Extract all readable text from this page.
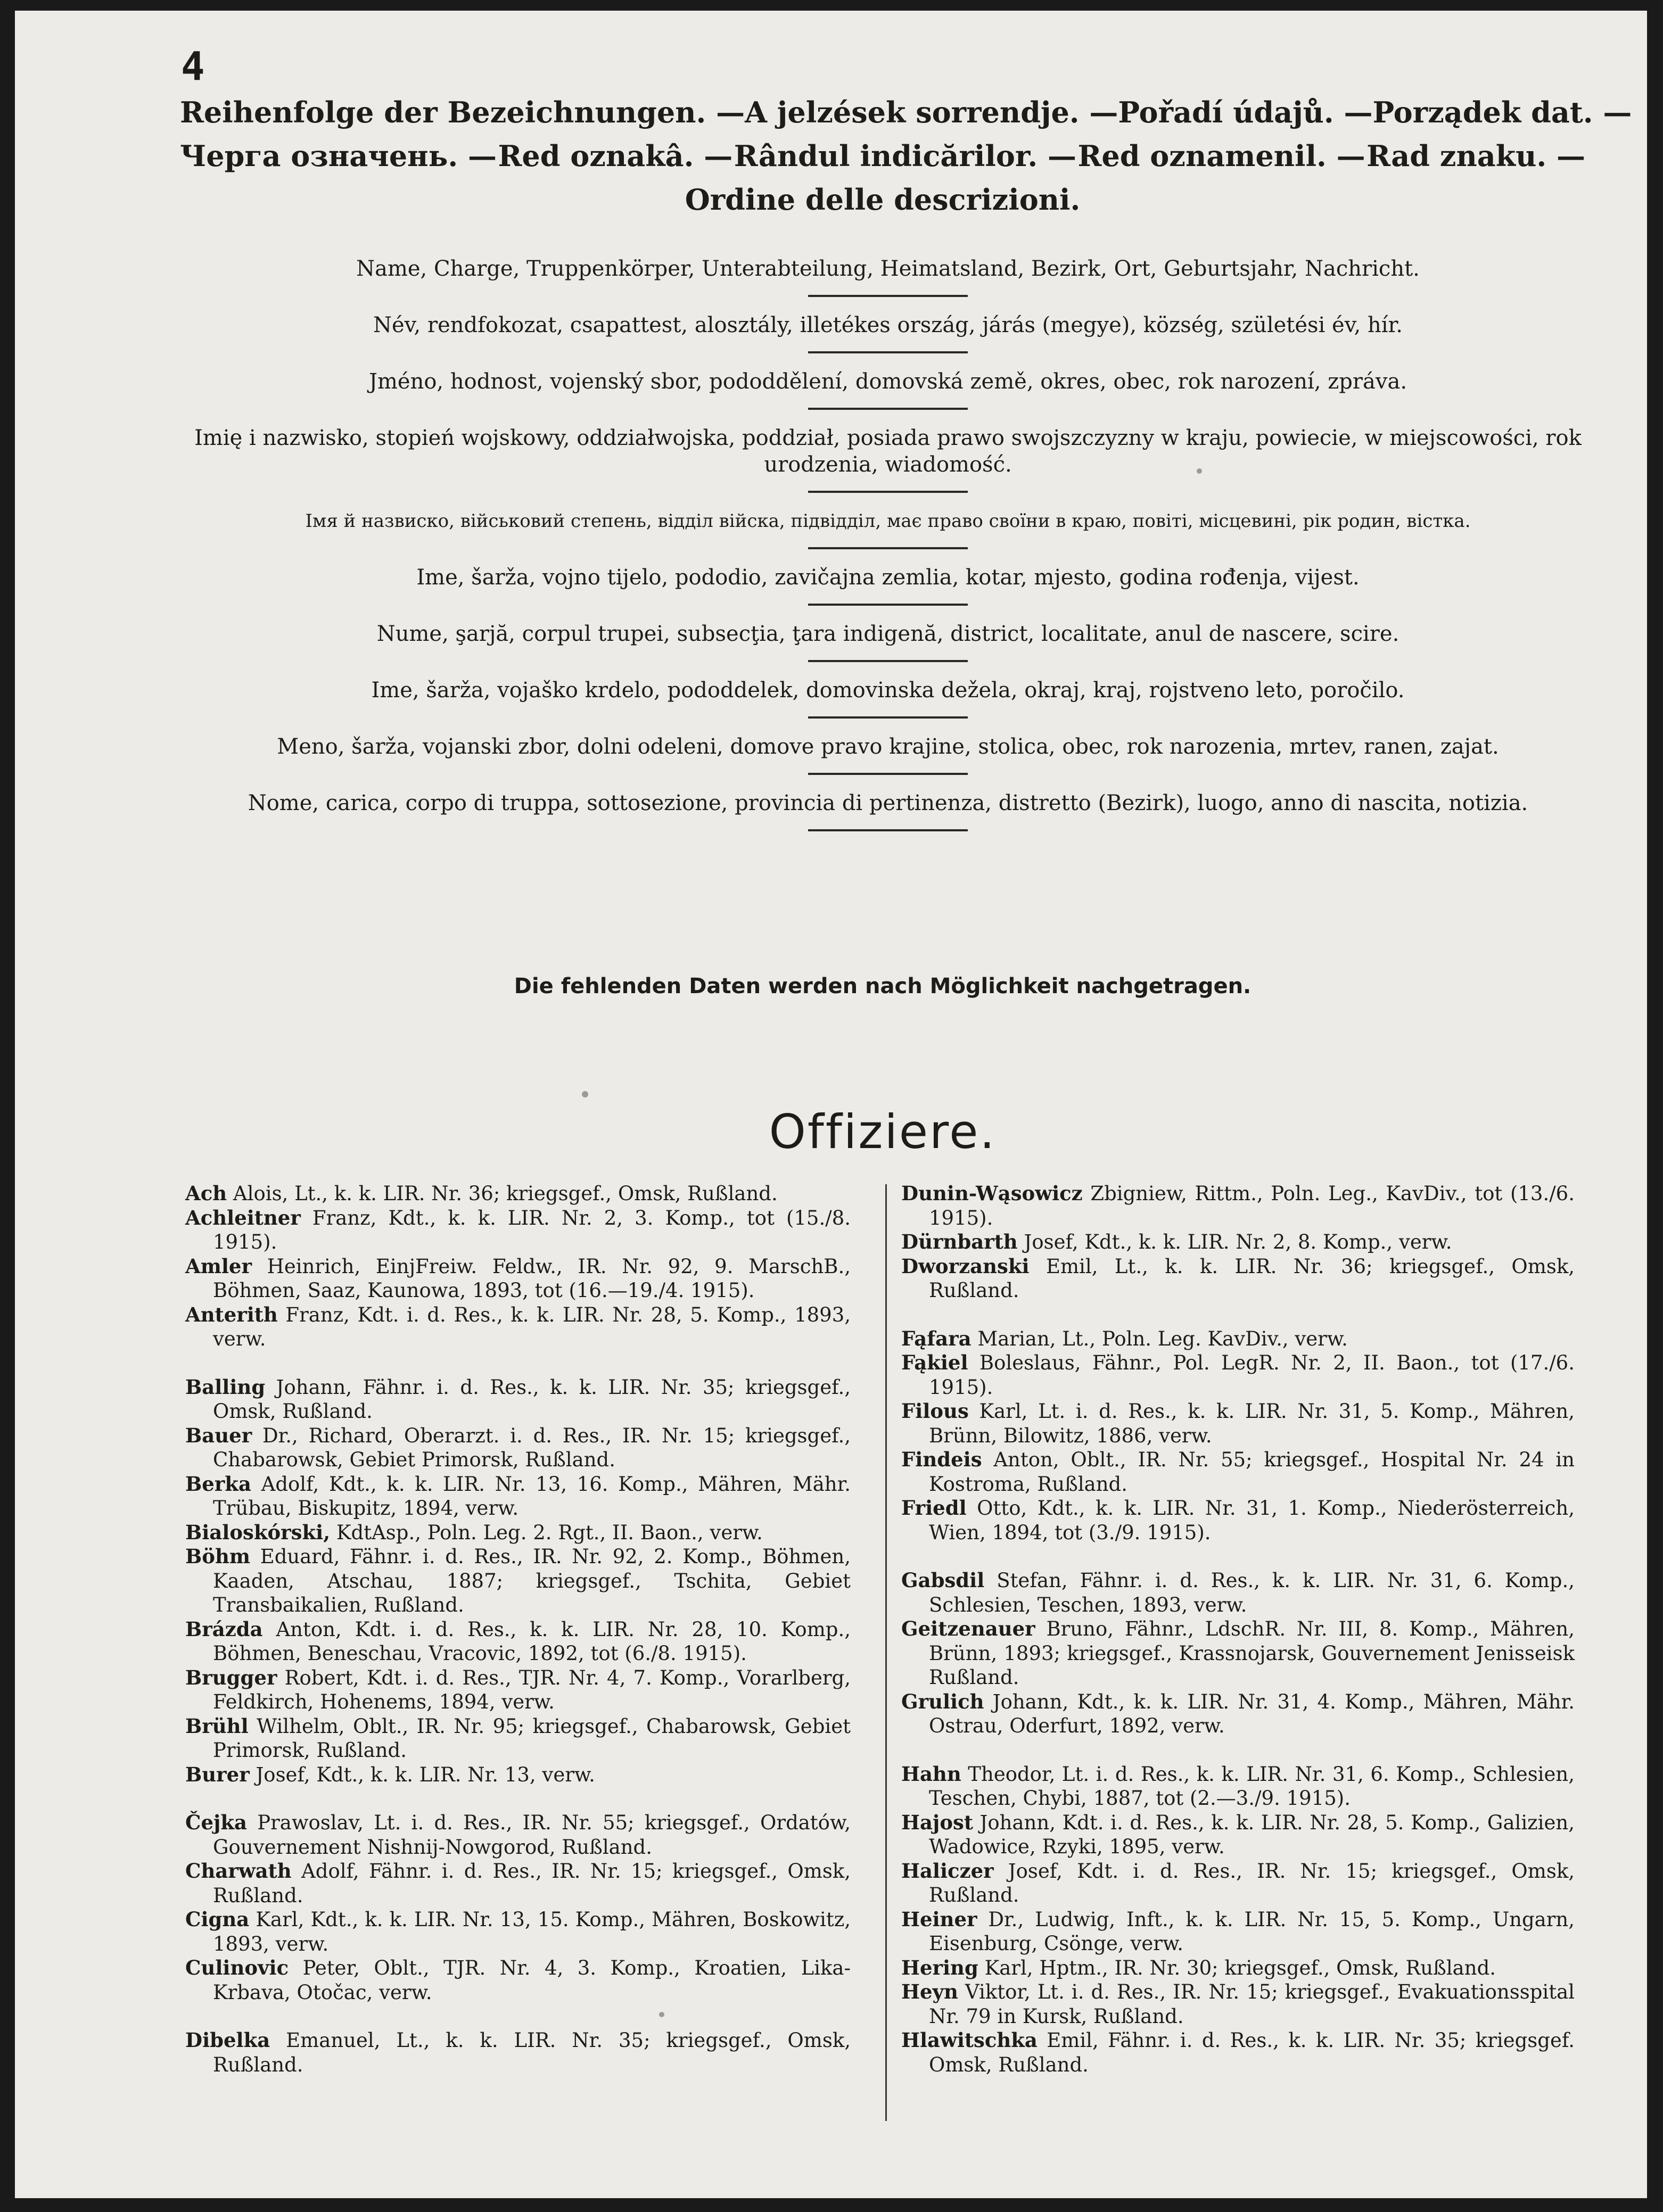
4
Reihenfolge der Bezeichnungen. — A jelzések sorrendje. — Pořadí údajů. — Porządek dat. —
Черга означень. — Red oznakâ. — Rândul indicărilor. — Red oznamenil. — Rad znaku. —
Ordine delle descrizioni.

Name, Charge, Truppenkörper, Unterabteilung, Heimatsland, Bezirk, Ort, Geburtsjahr, Nachricht.

Név, rendfokozat, csapattest, alosztály, illetékes ország, járás (megye), község, születési év, hír.

Jméno, hodnost, vojenský sbor, pododdělení, domovská země, okres, obec, rok narození, zpráva.

Imię i nazwisko, stopień wojskowy, oddziałwojska, poddział, posiada prawo swojszczyzny w kraju, powiecie, w miejscowości, rok urodzenia, wiadomość.

Імя й назвиско, військовий степень, відділ війска, підвідділ, має право своїни в краю, повіті, місцевині, рік родин, вістка.

Ime, šarža, vojno tijelo, pododio, zavičajna zemlia, kotar, mjesto, godina rođenja, vijest.

Nume, şarjă, corpul trupei, subsecţia, ţara indigenă, district, localitate, anul de nascere, scire.

Ime, šarža, vojaško krdelo, pododdelek, domovinska dežela, okraj, kraj, rojstveno leto, poročilo.

Meno, šarža, vojanski zbor, dolni odeleni, domove pravo krajine, stolica, obec, rok narozenia, mrtev, ranen, zajat.

Nome, carica, corpo di truppa, sottosezione, provincia di pertinenza, distretto (Bezirk), luogo, anno di nascita, notizia.

Die fehlenden Daten werden nach Möglichkeit nachgetragen.
Offiziere.
Ach Alois, Lt., k. k. LIR. Nr. 36; kriegsgef., Omsk, Rußland.
Achleitner Franz, Kdt., k. k. LIR. Nr. 2, 3. Komp., tot (15./8. 1915).
Amler Heinrich, EinjFreiw. Feldw., IR. Nr. 92, 9. MarschB., Böhmen, Saaz, Kaunowa, 1893, tot (16.—19./4. 1915).
Anterith Franz, Kdt. i. d. Res., k. k. LIR. Nr. 28, 5. Komp., 1893, verw.
Balling Johann, Fähnr. i. d. Res., k. k. LIR. Nr. 35; kriegsgef., Omsk, Rußland.
Bauer Dr., Richard, Oberarzt. i. d. Res., IR. Nr. 15; kriegsgef., Chabarowsk, Gebiet Primorsk, Rußland.
Berka Adolf, Kdt., k. k. LIR. Nr. 13, 16. Komp., Mähren, Mähr. Trübau, Biskupitz, 1894, verw.
Bialoskórski, KdtAsp., Poln. Leg. 2. Rgt., II. Baon., verw.
Böhm Eduard, Fähnr. i. d. Res., IR. Nr. 92, 2. Komp., Böhmen, Kaaden, Atschau, 1887; kriegsgef., Tschita, Gebiet Transbaikalien, Rußland.
Brázda Anton, Kdt. i. d. Res., k. k. LIR. Nr. 28, 10. Komp., Böhmen, Beneschau, Vracovic, 1892, tot (6./8. 1915).
Brugger Robert, Kdt. i. d. Res., TJR. Nr. 4, 7. Komp., Vorarlberg, Feldkirch, Hohenems, 1894, verw.
Brühl Wilhelm, Oblt., IR. Nr. 95; kriegsgef., Chabarowsk, Gebiet Primorsk, Rußland.
Burer Josef, Kdt., k. k. LIR. Nr. 13, verw.
Čejka Prawoslav, Lt. i. d. Res., IR. Nr. 55; kriegsgef., Ordatów, Gouvernement Nishnij-Nowgorod, Rußland.
Charwath Adolf, Fähnr. i. d. Res., IR. Nr. 15; kriegsgef., Omsk, Rußland.
Cigna Karl, Kdt., k. k. LIR. Nr. 13, 15. Komp., Mähren, Boskowitz, 1893, verw.
Culinovic Peter, Oblt., TJR. Nr. 4, 3. Komp., Kroatien, Lika-Krbava, Otočac, verw.
Dibelka Emanuel, Lt., k. k. LIR. Nr. 35; kriegsgef., Omsk, Rußland.
Dunin-Wąsowicz Zbigniew, Rittm., Poln. Leg., KavDiv., tot (13./6. 1915).
Dürnbarth Josef, Kdt., k. k. LIR. Nr. 2, 8. Komp., verw.
Dworzanski Emil, Lt., k. k. LIR. Nr. 36; kriegsgef., Omsk, Rußland.
Fąfara Marian, Lt., Poln. Leg. KavDiv., verw.
Fąkiel Boleslaus, Fähnr., Pol. LegR. Nr. 2, II. Baon., tot (17./6. 1915).
Filous Karl, Lt. i. d. Res., k. k. LIR. Nr. 31, 5. Komp., Mähren, Brünn, Bilowitz, 1886, verw.
Findeis Anton, Oblt., IR. Nr. 55; kriegsgef., Hospital Nr. 24 in Kostroma, Rußland.
Friedl Otto, Kdt., k. k. LIR. Nr. 31, 1. Komp., Niederösterreich, Wien, 1894, tot (3./9. 1915).
Gabsdil Stefan, Fähnr. i. d. Res., k. k. LIR. Nr. 31, 6. Komp., Schlesien, Teschen, 1893, verw.
Geitzenauer Bruno, Fähnr., LdschR. Nr. III, 8. Komp., Mähren, Brünn, 1893; kriegsgef., Krassnojarsk, Gouvernement Jenisseisk Rußland.
Grulich Johann, Kdt., k. k. LIR. Nr. 31, 4. Komp., Mähren, Mähr. Ostrau, Oderfurt, 1892, verw.
Hahn Theodor, Lt. i. d. Res., k. k. LIR. Nr. 31, 6. Komp., Schlesien, Teschen, Chybi, 1887, tot (2.—3./9. 1915).
Hajost Johann, Kdt. i. d. Res., k. k. LIR. Nr. 28, 5. Komp., Galizien, Wadowice, Rzyki, 1895, verw.
Haliczer Josef, Kdt. i. d. Res., IR. Nr. 15; kriegsgef., Omsk, Rußland.
Heiner Dr., Ludwig, Inft., k. k. LIR. Nr. 15, 5. Komp., Ungarn, Eisenburg, Csönge, verw.
Hering Karl, Hptm., IR. Nr. 30; kriegsgef., Omsk, Rußland.
Heyn Viktor, Lt. i. d. Res., IR. Nr. 15; kriegsgef., Evakuationsspital Nr. 79 in Kursk, Rußland.
Hlawitschka Emil, Fähnr. i. d. Res., k. k. LIR. Nr. 35; kriegsgef. Omsk, Rußland.
